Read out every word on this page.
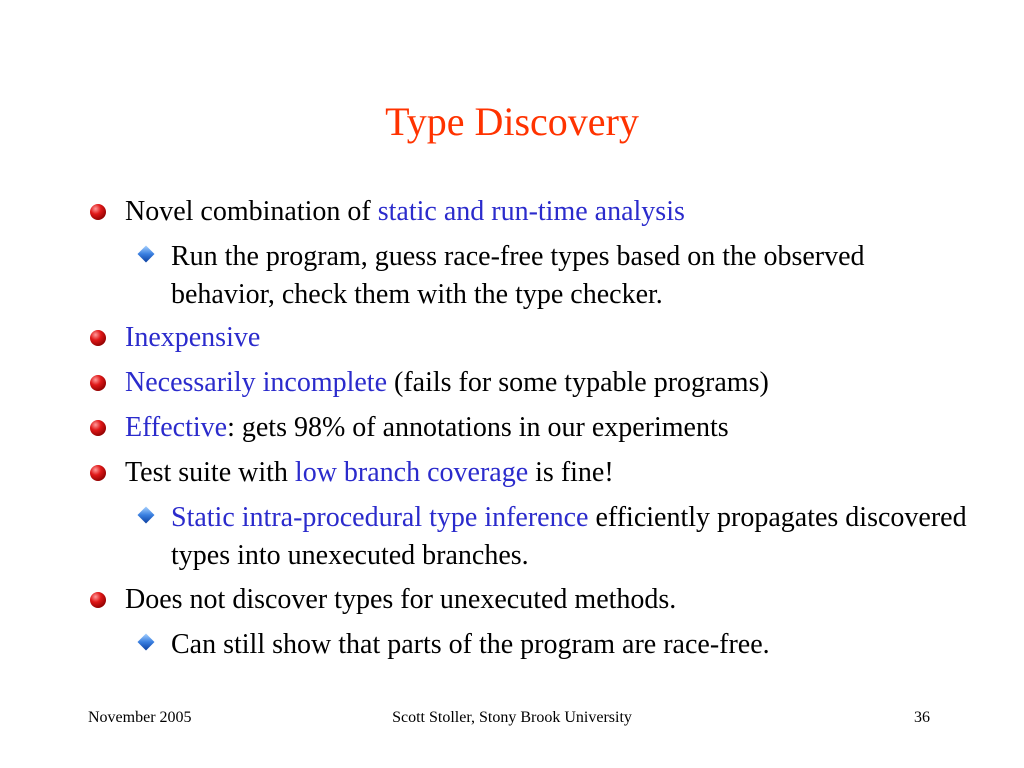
Type Discovery
Novel combination of static and run-time analysis
Run the program, guess race-free types based on the observed behavior, check them with the type checker.
Inexpensive
Necessarily incomplete (fails for some typable programs)
Effective: gets 98% of annotations in our experiments
Test suite with low branch coverage is fine!
Static intra-procedural type inference efficiently propagates discovered types into unexecuted branches.
Does not discover types for unexecuted methods.
Can still show that parts of the program are race-free.
November 2005	Scott Stoller, Stony Brook University	36
